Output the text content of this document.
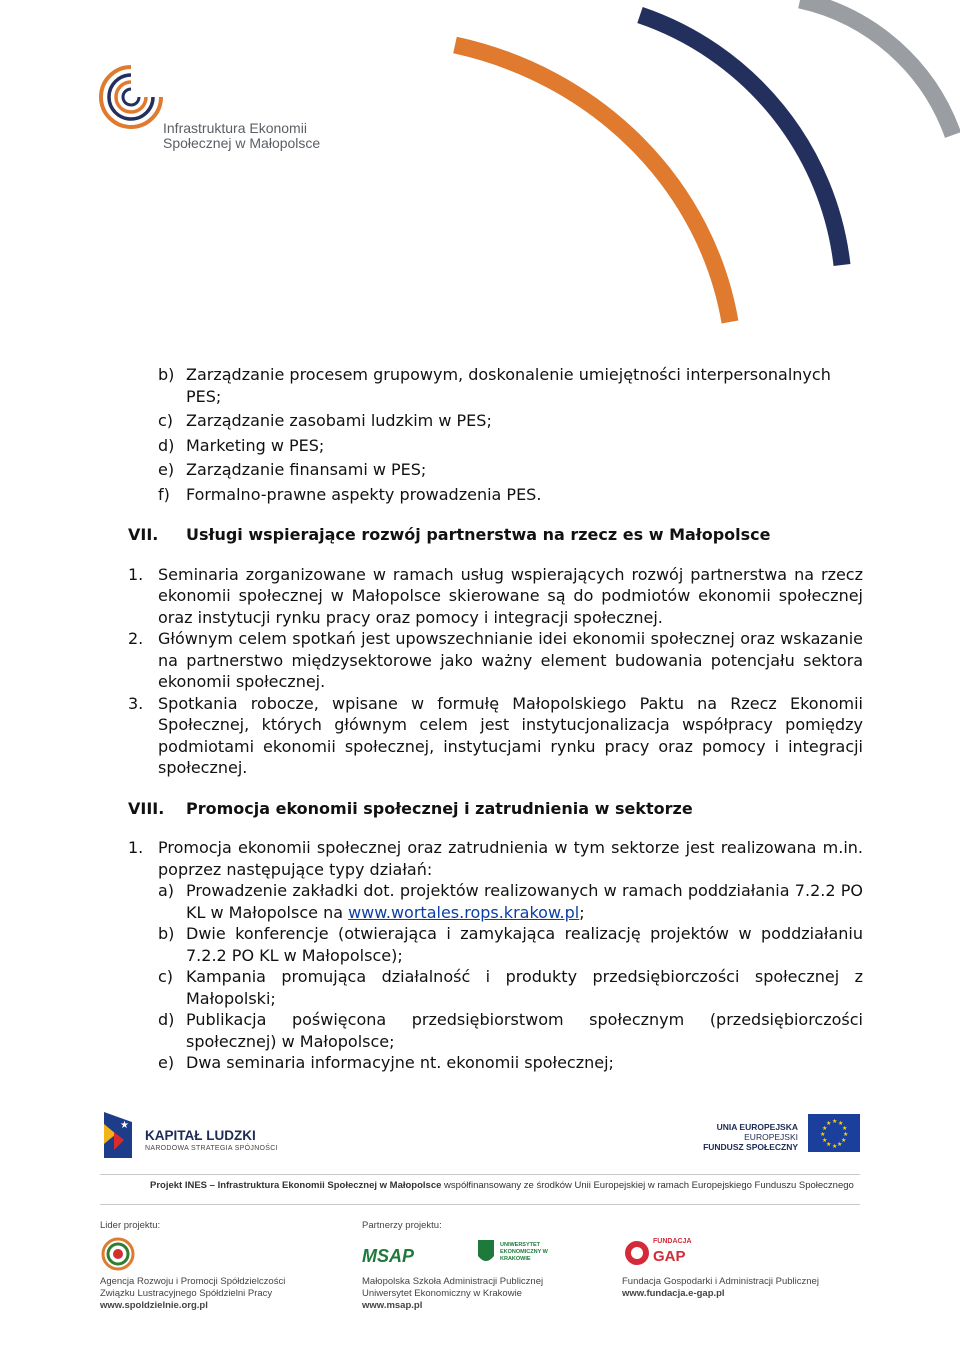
Infrastruktura Ekonomii
Społecznej w Małopolsce
b) Zarządzanie procesem grupowym, doskonalenie umiejętności interpersonalnych PES;
c) Zarządzanie zasobami ludzkim w PES;
d) Marketing w PES;
e) Zarządzanie finansami w PES;
f)	Formalno-prawne aspekty prowadzenia PES.
VII.	Usługi wspierające rozwój partnerstwa na rzecz es w Małopolsce
1. Seminaria zorganizowane w ramach usług wspierających rozwój partnerstwa na rzecz ekonomii społecznej w Małopolsce skierowane są do podmiotów ekonomii społecznej oraz instytucji rynku pracy oraz pomocy i integracji społecznej.
2. Głównym celem spotkań jest upowszechnianie idei ekonomii społecznej oraz wskazanie na partnerstwo międzysektorowe jako ważny element budowania potencjału sektora ekonomii społecznej.
3. Spotkania robocze, wpisane w formułę Małopolskiego Paktu na Rzecz Ekonomii Społecznej, których głównym celem jest instytucjonalizacja współpracy pomiędzy podmiotami ekonomii społecznej, instytucjami rynku pracy oraz pomocy i integracji społecznej.
VIII.	Promocja ekonomii społecznej i zatrudnienia w sektorze
1. Promocja ekonomii społecznej oraz zatrudnienia w tym sektorze jest realizowana m.in. poprzez następujące typy działań:
a) Prowadzenie zakładki dot. projektów realizowanych w ramach poddziałania 7.2.2 PO KL w Małopolsce na www.wortales.rops.krakow.pl;
b) Dwie konferencje (otwierająca i zamykająca realizację projektów w poddziałaniu 7.2.2 PO KL w Małopolsce);
c) Kampania promująca działalność i produkty przedsiębiorczości społecznej z Małopolski;
d) Publikacja poświęcona przedsiębiorstwom społecznym (przedsiębiorczości społecznej) w Małopolsce;
e) Dwa seminaria informacyjne nt. ekonomii społecznej;
★
KAPITAŁ LUDZKI
NARODOWA STRATEGIA SPÓJNOŚCI
UNIA EUROPEJSKA
EUROPEJSKI
FUNDUSZ SPOŁECZNY
★ ★
★
★
★
★
★
★
★
★
★
★
Projekt INES – Infrastruktura Ekonomii Społecznej w Małopolsce współfinansowany ze środków Unii Europejskiej w ramach Europejskiego Funduszu Społecznego
Lider projektu:
Agencja Rozwoju i Promocji Spółdzielczości
Związku Lustracyjnego Spółdzielni Pracy
www.spoldzielnie.org.pl
Partnerzy projektu:
MSAP
UNIWERSYTET EKONOMICZNY W KRAKOWIE
Małopolska Szkoła Administracji Publicznej
Uniwersytet Ekonomiczny w Krakowie
www.msap.pl
FUNDACJA
GAP
Fundacja Gospodarki i Administracji Publicznej
www.fundacja.e-gap.pl
